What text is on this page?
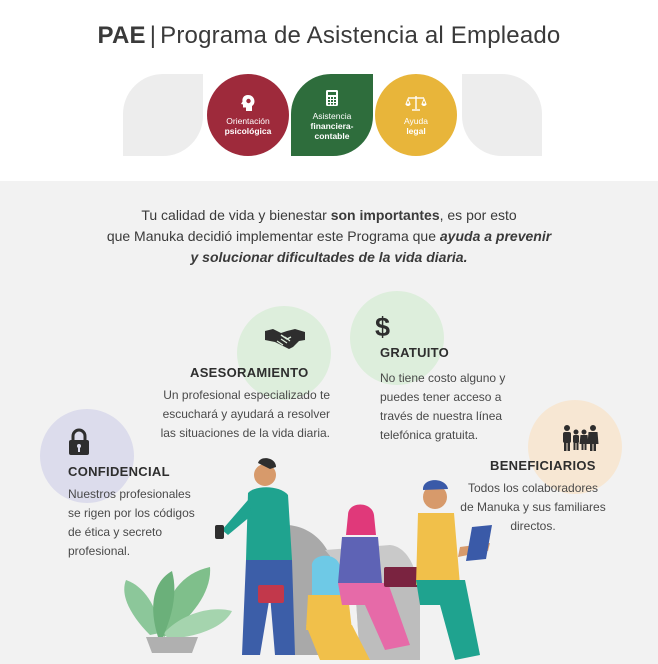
PAE | Programa de Asistencia al Empleado
Orientación
psicológica
Asistencia
financiera-
contable
Ayuda
legal
Tu calidad de vida y bienestar son importantes, es por esto
que Manuka decidió implementar este Programa que ayuda a prevenir
y solucionar dificultades de la vida diaria.
$
ASESORAMIENTO
Un profesional especializado te
escuchará y ayudará a resolver
las situaciones de la vida diaria.
GRATUITO
No tiene costo alguno y
puedes tener acceso a
través de nuestra línea
telefónica gratuita.
CONFIDENCIAL
Nuestros profesionales
se rigen por los códigos
de ética y secreto
profesional.
BENEFICIARIOS
Todos los colaboradores
de Manuka y sus familiares
directos.
